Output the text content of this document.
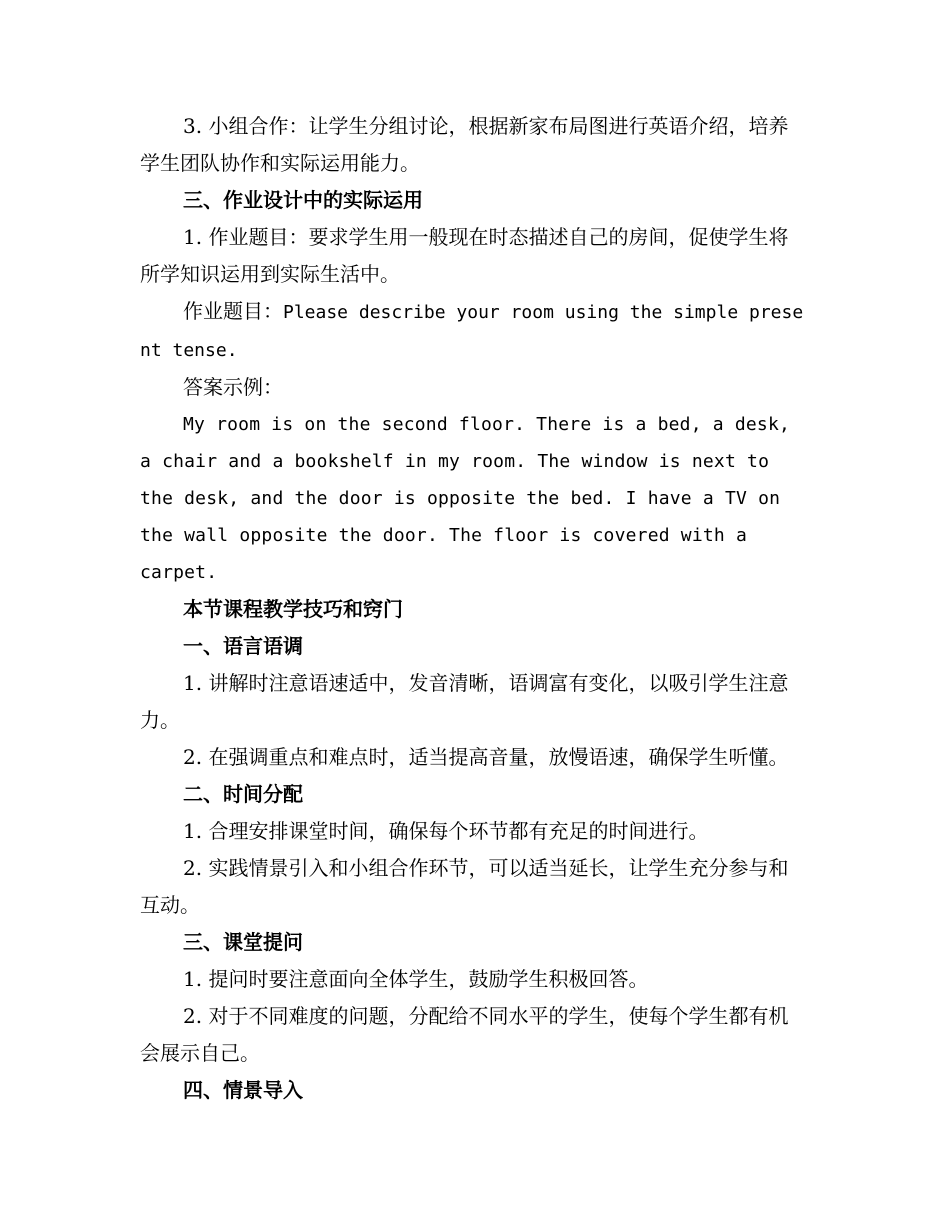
3. 小组合作：让学生分组讨论，根据新家布局图进行英语介绍，培养学生团队协作和实际运用能力。

三、作业设计中的实际运用

1. 作业题目：要求学生用一般现在时态描述自己的房间，促使学生将所学知识运用到实际生活中。

作业题目：Please describe your room using the simple present tense.

答案示例：

My room is on the second floor. There is a bed, a desk, a chair and a bookshelf in my room. The window is next to the desk, and the door is opposite the bed. I have a TV on the wall opposite the door. The floor is covered with a carpet.

本节课程教学技巧和窍门

一、语言语调

1. 讲解时注意语速适中，发音清晰，语调富有变化，以吸引学生注意力。

2. 在强调重点和难点时，适当提高音量，放慢语速，确保学生听懂。

二、时间分配

1. 合理安排课堂时间，确保每个环节都有充足的时间进行。

2. 实践情景引入和小组合作环节，可以适当延长，让学生充分参与和互动。

三、课堂提问

1. 提问时要注意面向全体学生，鼓励学生积极回答。

2. 对于不同难度的问题，分配给不同水平的学生，使每个学生都有机会展示自己。

四、情景导入
